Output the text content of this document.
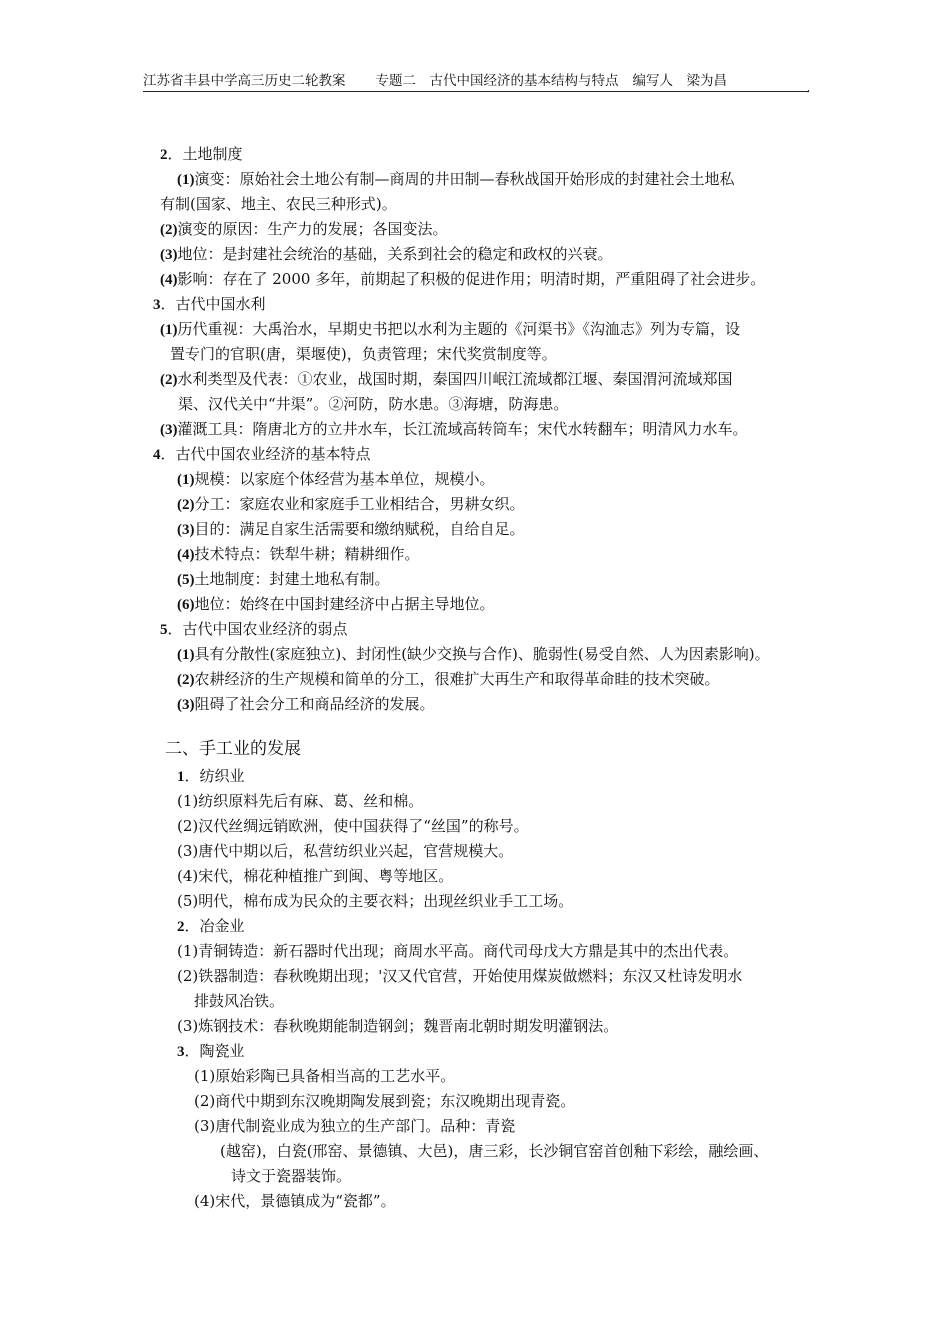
江苏省丰县中学高三历史二轮教案 专题二　古代中国经济的基本结构与特点 编写人　梁为昌	,
2．土地制度
(1)演变：原始社会土地公有制—商周的井田制—春秋战国开始形成的封建社会土地私
有制(国家、地主、农民三种形式)。
(2)演变的原因：生产力的发展；各国变法。
(3)地位：是封建社会统治的基础，关系到社会的稳定和政权的兴衰。
(4)影响：存在了 2000 多年，前期起了积极的促进作用；明清时期，严重阻碍了社会进步。
3．古代中国水利
(1)历代重视：大禹治水，早期史书把以水利为主题的《河渠书》《沟洫志》列为专篇，设
置专门的官职(唐，渠堰使)，负责管理；宋代奖赏制度等。
(2)水利类型及代表：①农业，战国时期，秦国四川岷江流域都江堰、秦国渭河流域郑国
渠、汉代关中“井渠”。②河防，防水患。③海塘，防海患。
(3)灌溉工具：隋唐北方的立井水车，长江流域高转筒车；宋代水转翻车；明清风力水车。
4．古代中国农业经济的基本特点
(1)规模：以家庭个体经营为基本单位，规模小。
(2)分工：家庭农业和家庭手工业相结合，男耕女织。
(3)目的：满足自家生活需要和缴纳赋税，自给自足。
(4)技术特点：铁犁牛耕；精耕细作。
(5)土地制度：封建土地私有制。
(6)地位：始终在中国封建经济中占据主导地位。
5．古代中国农业经济的弱点
(1)具有分散性(家庭独立)、封闭性(缺少交换与合作)、脆弱性(易受自然、人为因素影响)。
(2)农耕经济的生产规模和简单的分工，很难扩大再生产和取得革命眭的技术突破。
(3)阻碍了社会分工和商品经济的发展。
二、手工业的发展
1．纺织业
(1)纺织原料先后有麻、葛、丝和棉。
(2)汉代丝绸远销欧洲，使中国获得了“丝国”的称号。
(3)唐代中期以后，私营纺织业兴起，官营规模大。
(4)宋代，棉花种植推广到闽、粤等地区。
(5)明代，棉布成为民众的主要衣料；出现丝织业手工工场。
2．冶金业
(1)青铜铸造：新石器时代出现；商周水平高。商代司母戊大方鼎是其中的杰出代表。
(2)铁器制造：春秋晚期出现；'汉又代官营，开始使用煤炭做燃料；东汉又杜诗发明水
排鼓风冶铁。
(3)炼钢技术：春秋晚期能制造钢剑；魏晋南北朝时期发明灌钢法。
3．陶瓷业
(1)原始彩陶已具备相当高的工艺水平。
(2)商代中期到东汉晚期陶发展到瓷；东汉晚期出现青瓷。
(3)唐代制瓷业成为独立的生产部门。品种：青瓷
(越窑)，白瓷(邢窑、景德镇、大邑)，唐三彩，长沙铜官窑首创釉下彩绘，融绘画、
诗文于瓷器装饰。
(4)宋代，景德镇成为“瓷都”。
